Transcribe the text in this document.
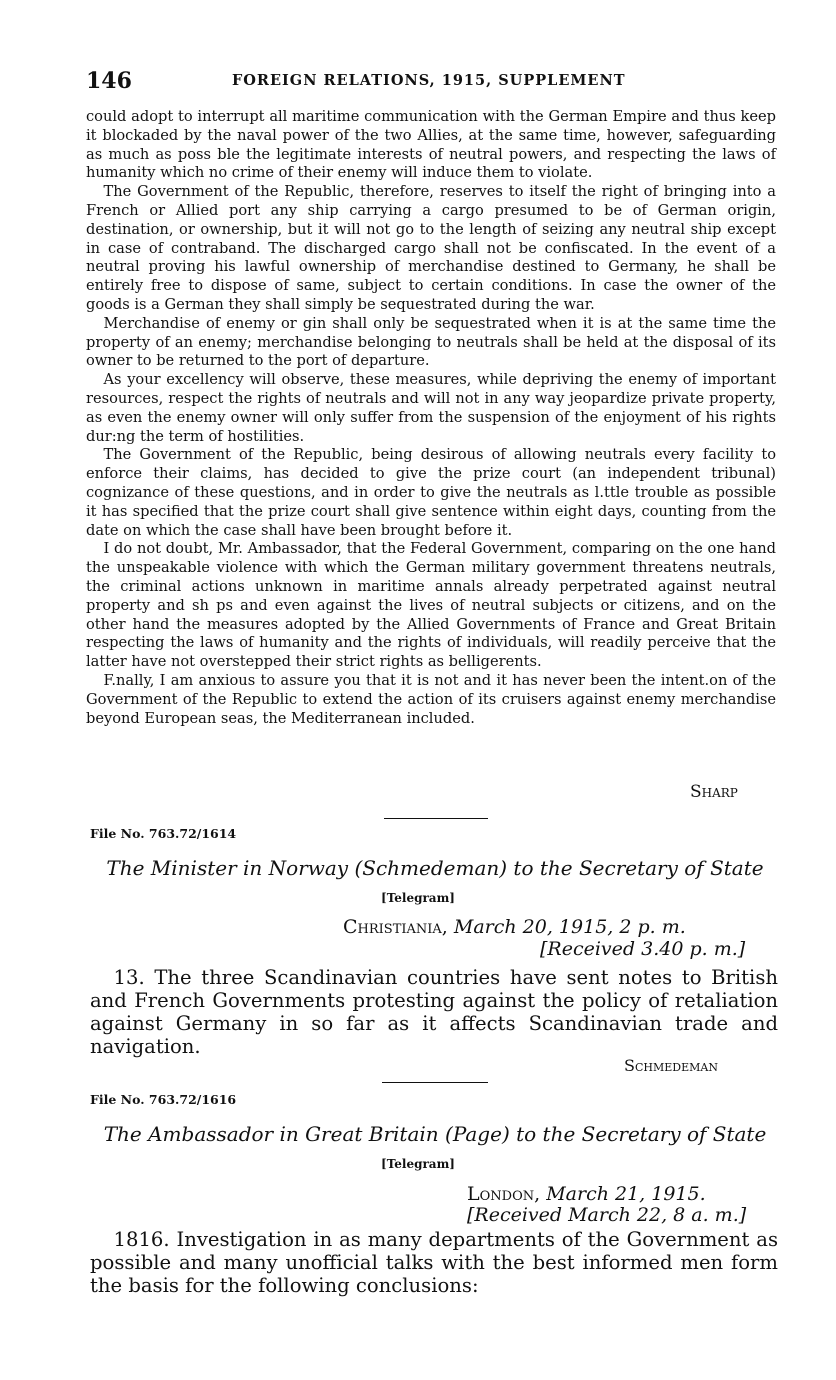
146	FOREIGN RELATIONS, 1915, SUPPLEMENT

could adopt to interrupt all maritime communication with the German Empire and thus keep it blockaded by the naval power of the two Allies, at the same time, however, safeguarding as much as poss ble the legitimate interests of neutral powers, and respecting the laws of humanity which no crime of their enemy will induce them to violate.

The Government of the Republic, therefore, reserves to itself the right of bringing into a French or Allied port any ship carrying a cargo presumed to be of German origin, destination, or ownership, but it will not go to the length of seizing any neutral ship except in case of contraband. The discharged cargo shall not be confiscated. In the event of a neutral proving his lawful ownership of merchandise destined to Germany, he shall be entirely free to dispose of same, subject to certain conditions. In case the owner of the goods is a German they shall simply be sequestrated during the war.

Merchandise of enemy or gin shall only be sequestrated when it is at the same time the property of an enemy; merchandise belonging to neutrals shall be held at the disposal of its owner to be returned to the port of departure.

As your excellency will observe, these measures, while depriving the enemy of important resources, respect the rights of neutrals and will not in any way jeopardize private property, as even the enemy owner will only suffer from the suspension of the enjoyment of his rights dur:ng the term of hostilities.

The Government of the Republic, being desirous of allowing neutrals every facility to enforce their claims, has decided to give the prize court (an independent tribunal) cognizance of these questions, and in order to give the neutrals as l.ttle trouble as possible it has specified that the prize court shall give sentence within eight days, counting from the date on which the case shall have been brought before it.

I do not doubt, Mr. Ambassador, that the Federal Government, comparing on the one hand the unspeakable violence with which the German military government threatens neutrals, the criminal actions unknown in maritime annals already perpetrated against neutral property and sh ps and even against the lives of neutral subjects or citizens, and on the other hand the measures adopted by the Allied Governments of France and Great Britain respecting the laws of humanity and the rights of individuals, will readily perceive that the latter have not overstepped their strict rights as belligerents.

F.nally, I am anxious to assure you that it is not and it has never been the intent.on of the Government of the Republic to extend the action of its cruisers against enemy merchandise beyond European seas, the Mediterranean included.

Sharp
File No. 763.72/1614
The Minister in Norway (Schmedeman) to the Secretary of State
[Telegram]
Christiania, March 20, 1915, 2 p. m.
[Received 3.40 p. m.]

13. The three Scandinavian countries have sent notes to British and French Governments protesting against the policy of retaliation against Germany in so far as it affects Scandinavian trade and navigation.

Schmedeman
File No. 763.72/1616
The Ambassador in Great Britain (Page) to the Secretary of State
[Telegram]
London, March 21, 1915.
[Received March 22, 8 a. m.]

1816. Investigation in as many departments of the Government as possible and many unofficial talks with the best informed men form the basis for the following conclusions:
